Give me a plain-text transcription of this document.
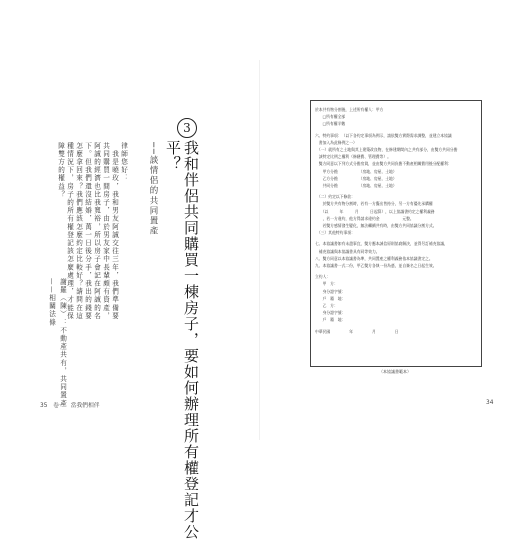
3
我和伴侶共同購買一棟房子，要如何辦理所有權登記才公
平？
──談情侶的共同置產
律師您好：
　我是曉玫，我和男友阿誠交往三年，我們準備要
共同購買一間房子，由於男友家中長輩頗有資產，
阿誠的經濟也比我寬裕，所以房子會記在阿誠的名
下。但我們還沒結婚，萬一日後分手，我出的錢要
怎麼拿回來？我們應該怎麼約定比較好？請問在這
種情況下，房子的所有權登記該怎麼處理，才能保
障雙方的權益？
謝羅（陳）：不動產共有，共同置產
——相關法條
35　卷一　當我們相伴
於本共有物分割後，上述所有權人：甲方
　　□所有權全部
　　□所有權半數
六、特約事項：（以下各約定事項為例示，請依雙方實際需求調整，並建立本協議
　書加入為此條例之一）
　（一）就所有之土地與其上建築改良物，在修建期間內之共有部分，由雙方共同分擔
　該特定比例之權利（修繕費、管理費等）。
　雙方同意以下列方式分擔房貸，並由雙方共同負擔不動產相關費用後分配權利：
　　甲方分擔　　　　　　（房地、房屋、土地）
　　乙方分擔　　　　　　（房地、房屋、土地）
　　共同分擔　　　　　　（房地、房屋、土地）
　（二）約定以下條款：
　　於雙方共有物分割時，若有一方擬出售持分，另一方有優先承購權
　　（以　　　年　　　月　　　日起算），以上協議書約定之權利義務
　　，若一方違約，他方得請求違約金　　　　　　元整。
　　若雙方感情發生變化，無法繼續共有時，由雙方共同協議分割方式。
　（三）其他特約事項：
七、本協議書如有未盡事宜，雙方應本誠信原則協商解決，並得另訂補充協議，
　補充協議與本協議書具有同等效力。
八、雙方同意以本協議書為準，共同置產之權利義務依本協議書定之。
九、本協議書一式二份，甲乙雙方各執一份為憑，並自簽名之日起生效。
立約人：
　　甲　方：
　　身分證字號：
　　戶　籍　地：
　　乙　方：
　　身分證字號：
　　戶　籍　地：
中華民國　　　　　年　　　　　月　　　　　日
（本協議書範本）
34
